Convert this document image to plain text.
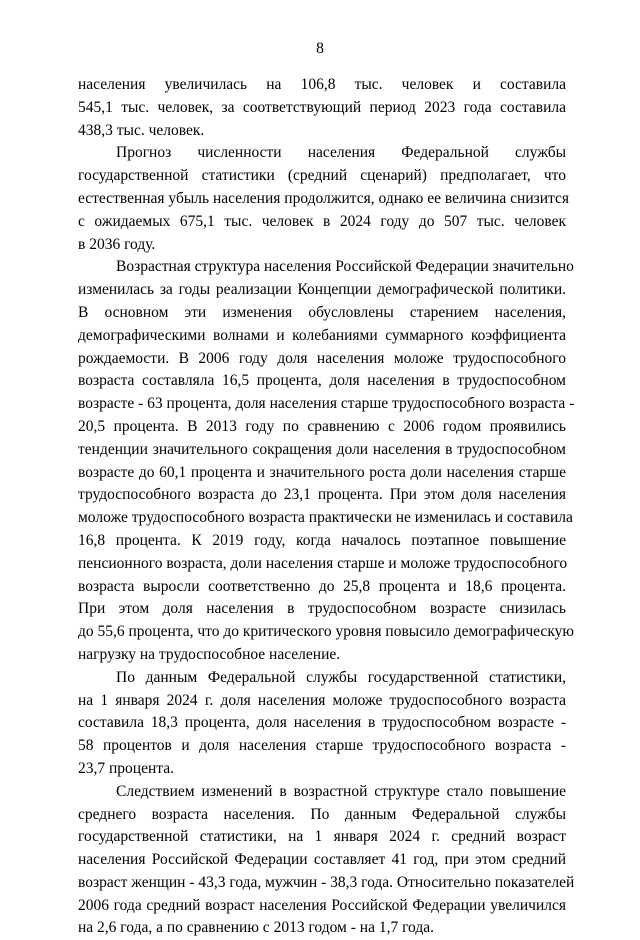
8
населения увеличилась на 106,8 тыс. человек и составила
545,1 тыс. человек, за соответствующий период 2023 года составила
438,3 тыс. человек.
Прогноз численности населения Федеральной службы
государственной статистики (средний сценарий) предполагает, что
естественная убыль населения продолжится, однако ее величина снизится
с ожидаемых 675,1 тыс. человек в 2024 году до 507 тыс. человек
в 2036 году.
Возрастная структура населения Российской Федерации значительно
изменилась за годы реализации Концепции демографической политики.
В основном эти изменения обусловлены старением населения,
демографическими волнами и колебаниями суммарного коэффициента
рождаемости. В 2006 году доля населения моложе трудоспособного
возраста составляла 16,5 процента, доля населения в трудоспособном
возрасте - 63 процента, доля населения старше трудоспособного возраста -
20,5 процента. В 2013 году по сравнению с 2006 годом проявились
тенденции значительного сокращения доли населения в трудоспособном
возрасте до 60,1 процента и значительного роста доли населения старше
трудоспособного возраста до 23,1 процента. При этом доля населения
моложе трудоспособного возраста практически не изменилась и составила
16,8 процента. К 2019 году, когда началось поэтапное повышение
пенсионного возраста, доли населения старше и моложе трудоспособного
возраста выросли соответственно до 25,8 процента и 18,6 процента.
При этом доля населения в трудоспособном возрасте снизилась
до 55,6 процента, что до критического уровня повысило демографическую
нагрузку на трудоспособное население.
По данным Федеральной службы государственной статистики,
на 1 января 2024 г. доля населения моложе трудоспособного возраста
составила 18,3 процента, доля населения в трудоспособном возрасте -
58 процентов и доля населения старше трудоспособного возраста -
23,7 процента.
Следствием изменений в возрастной структуре стало повышение
среднего возраста населения. По данным Федеральной службы
государственной статистики, на 1 января 2024 г. средний возраст
населения Российской Федерации составляет 41 год, при этом средний
возраст женщин - 43,3 года, мужчин - 38,3 года. Относительно показателей
2006 года средний возраст населения Российской Федерации увеличился
на 2,6 года, а по сравнению с 2013 годом - на 1,7 года.
